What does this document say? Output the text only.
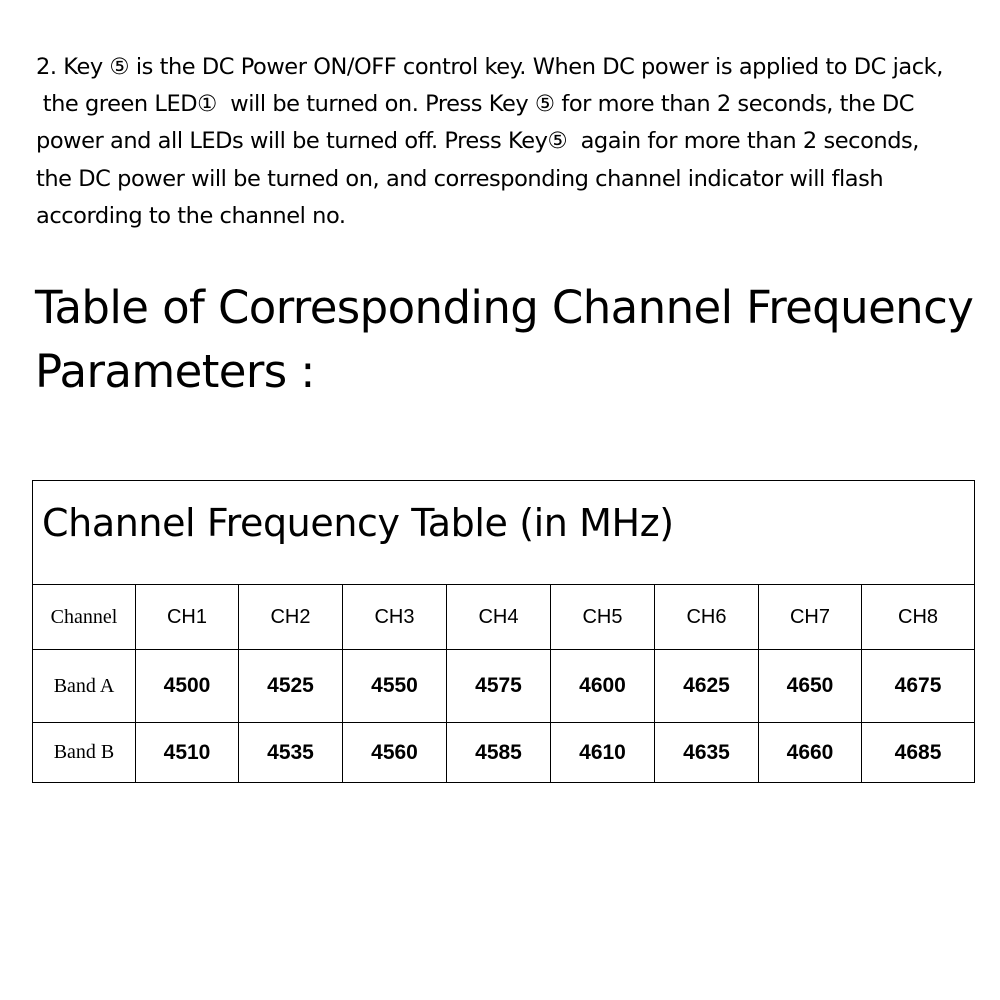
2. Key ⑤ is the DC Power ON/OFF control key. When DC power is applied to DC jack,
the green LED①  will be turned on. Press Key ⑤ for more than 2 seconds, the DC
power and all LEDs will be turned off. Press Key⑤  again for more than 2 seconds,
the DC power will be turned on, and corresponding channel indicator will flash
according to the channel no.

Table of Corresponding Channel Frequency
Parameters :
Channel Frequency Table (in MHz)								
Channel	CH1	CH2	CH3	CH4	CH5	CH6	CH7	CH8
Band A	4500	4525	4550	4575	4600	4625	4650	4675
Band B	4510	4535	4560	4585	4610	4635	4660	4685
